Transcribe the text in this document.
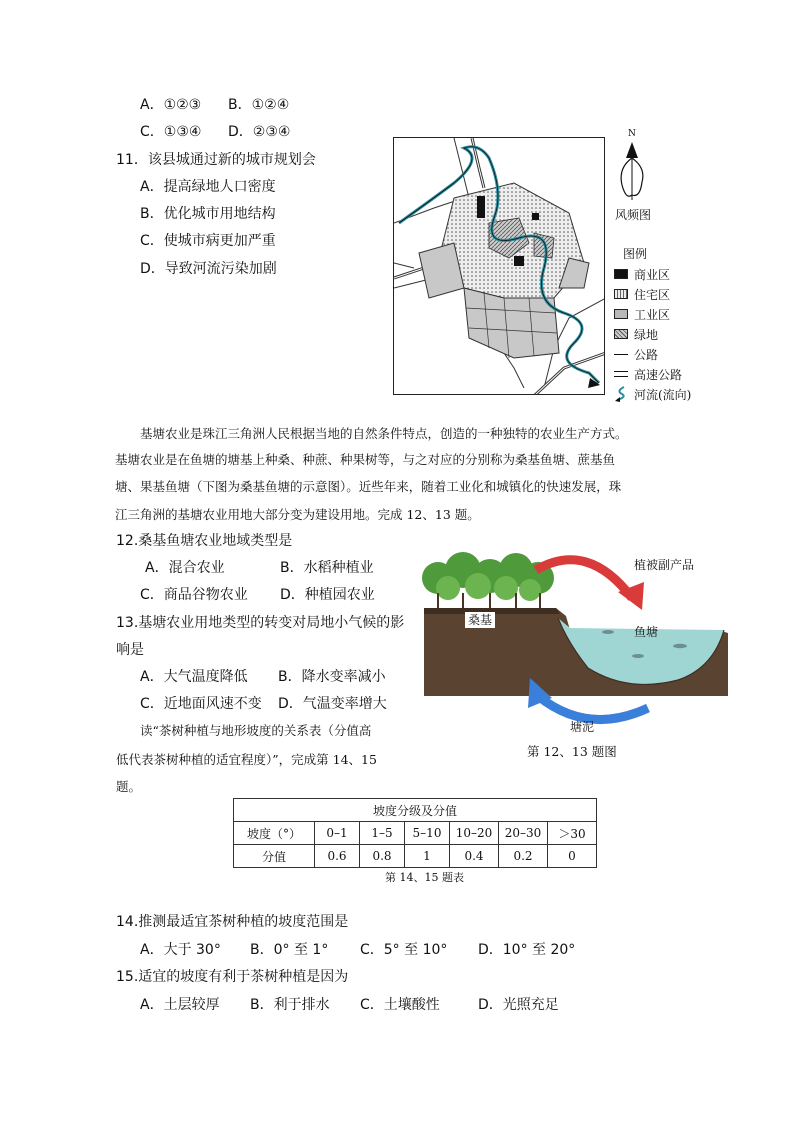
A．①②③ B．①②④
C．①③④ D．②③④
11．该县城通过新的城市规划会
A．提高绿地人口密度
B．优化城市用地结构
C．使城市病更加严重
D．导致河流污染加剧
N
风频图
图例
商业区
住宅区
工业区
绿地
公路
高速公路
河流(流向)
基塘农业是珠江三角洲人民根据当地的自然条件特点，创造的一种独特的农业生产方式。
基塘农业是在鱼塘的塘基上种桑、种蔗、种果树等，与之对应的分别称为桑基鱼塘、蔗基鱼
塘、果基鱼塘（下图为桑基鱼塘的示意图）。近些年来，随着工业化和城镇化的快速发展，珠
江三角洲的基塘农业用地大部分变为建设用地。完成 12、13 题。
12.桑基鱼塘农业地域类型是
A．混合农业	B．水稻种植业
C．商品谷物农业 D．种植园农业
13.基塘农业用地类型的转变对局地小气候的影
响是
A．大气温度降低 B．降水变率减小
C．近地面风速不变 D．气温变率增大
植被副产品
桑基
鱼塘
塘泥
第 12、13 题图
读“茶树种植与地形坡度的关系表（分值高
低代表茶树种植的适宜程度）”，完成第 14、15
题。
坡度分级及分值						
坡度（°）	0–1	1–5	5–10	10–20	20–30	＞30
分值	0.6	0.8	1	0.4	0.2	0
第 14、15 题表
14.推测最适宜茶树种植的坡度范围是
A．大于 30° B．0° 至 1° C．5° 至 10° D．10° 至 20°
15.适宜的坡度有利于茶树种植是因为
A．土层较厚 B．利于排水 C．土壤酸性	D．光照充足
